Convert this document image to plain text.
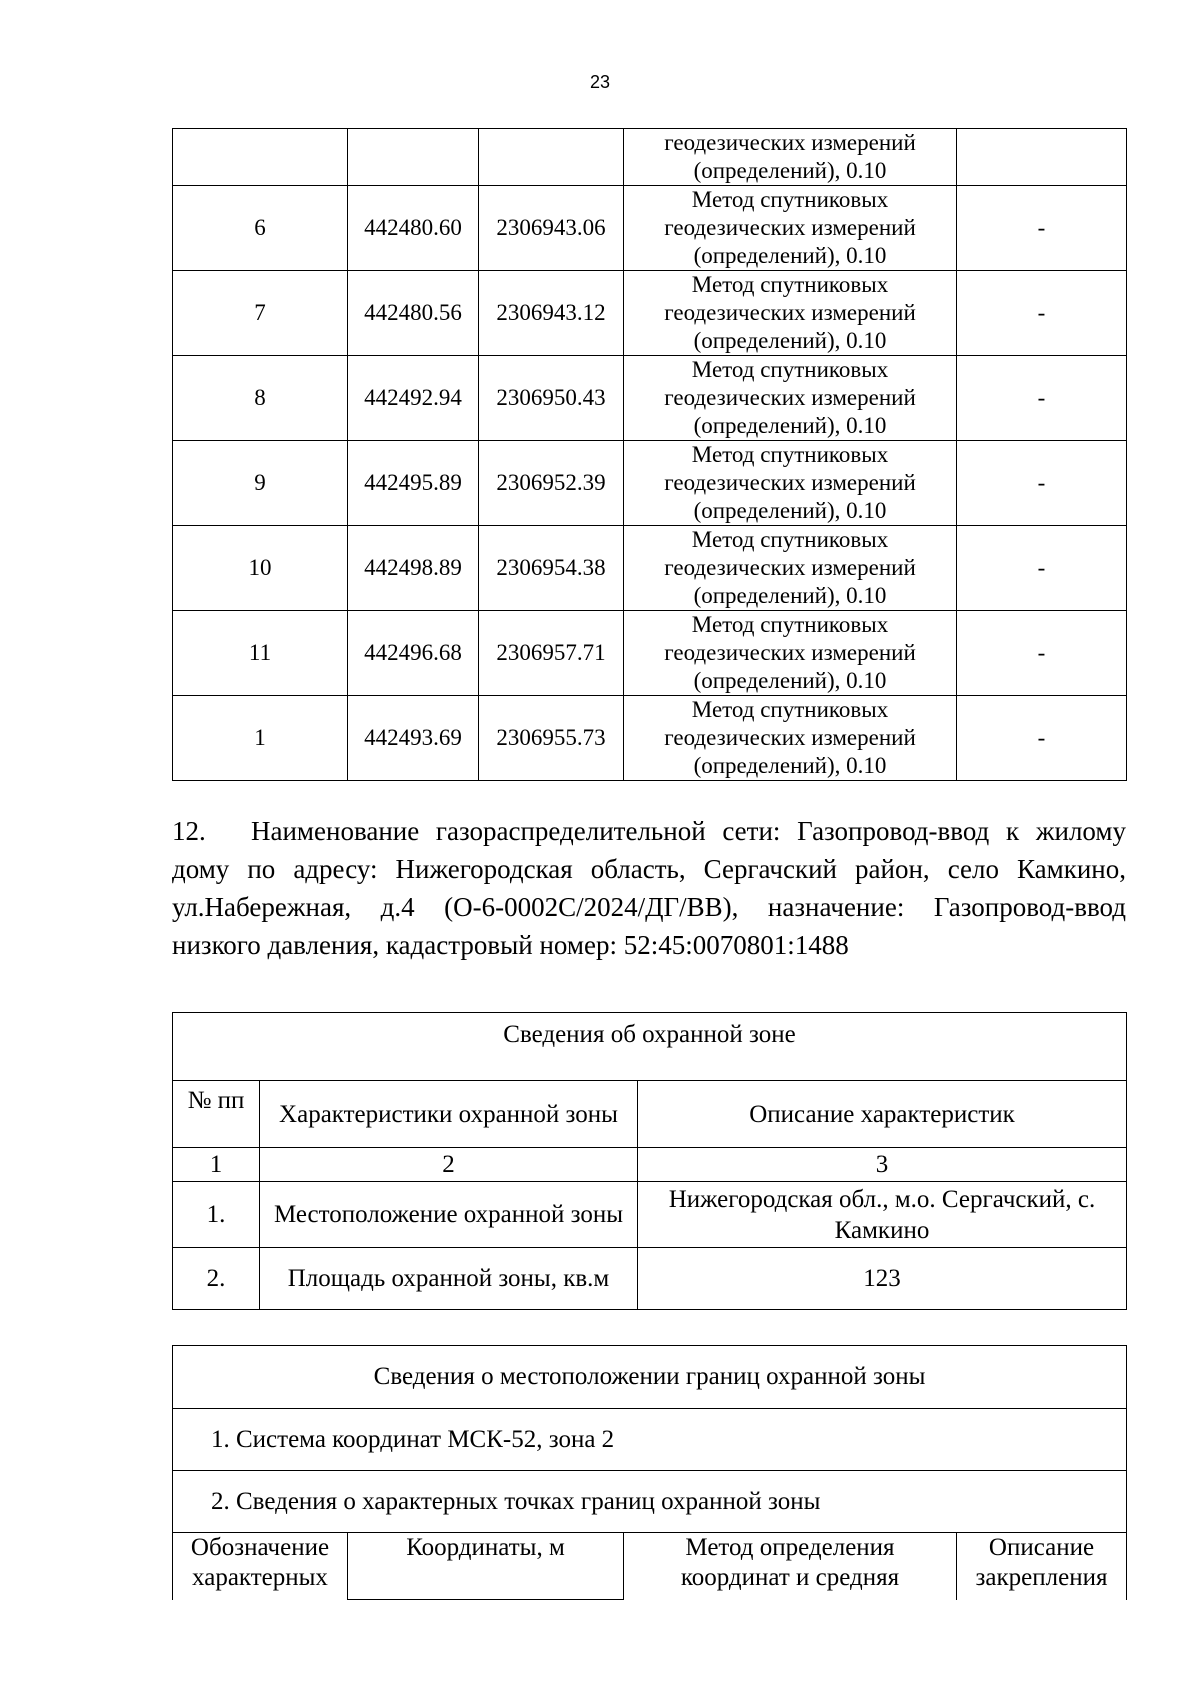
23

			геодезических измерений
(определений), 0.10	

6	442480.60	2306943.06	Метод спутниковых
геодезических измерений
(определений), 0.10	-
7	442480.56	2306943.12	Метод спутниковых
геодезических измерений
(определений), 0.10	-
8	442492.94	2306950.43	Метод спутниковых
геодезических измерений
(определений), 0.10	-
9	442495.89	2306952.39	Метод спутниковых
геодезических измерений
(определений), 0.10	-
10	442498.89	2306954.38	Метод спутниковых
геодезических измерений
(определений), 0.10	-
11	442496.68	2306957.71	Метод спутниковых
геодезических измерений
(определений), 0.10	-
1	442493.69	2306955.73	Метод спутниковых
геодезических измерений
(определений), 0.10	-

12. Наименование газораспределительной сети: Газопровод-ввод к жилому дому по адресу: Нижегородская область, Сергачский район, село Камкино, ул.Набережная, д.4 (О-6-0002С/2024/ДГ/ВВ), назначение: Газопровод-ввод низкого давления, кадастровый номер: 52:45:0070801:1488

Сведения об охранной зоне		
№ пп	Характеристики охранной зоны	Описание характеристик
1	2	3
1.	Местоположение охранной зоны	Нижегородская обл., м.о. Сергачский, с. Камкино
2.	Площадь охранной зоны, кв.м	123
Сведения о местоположении границ охранной зоны
1. Система координат МСК-52, зона 2
2. Сведения о характерных точках границ охранной зоны
Обозначение характерных	Координаты, м	Метод определения координат и средняя	Описание закрепления
